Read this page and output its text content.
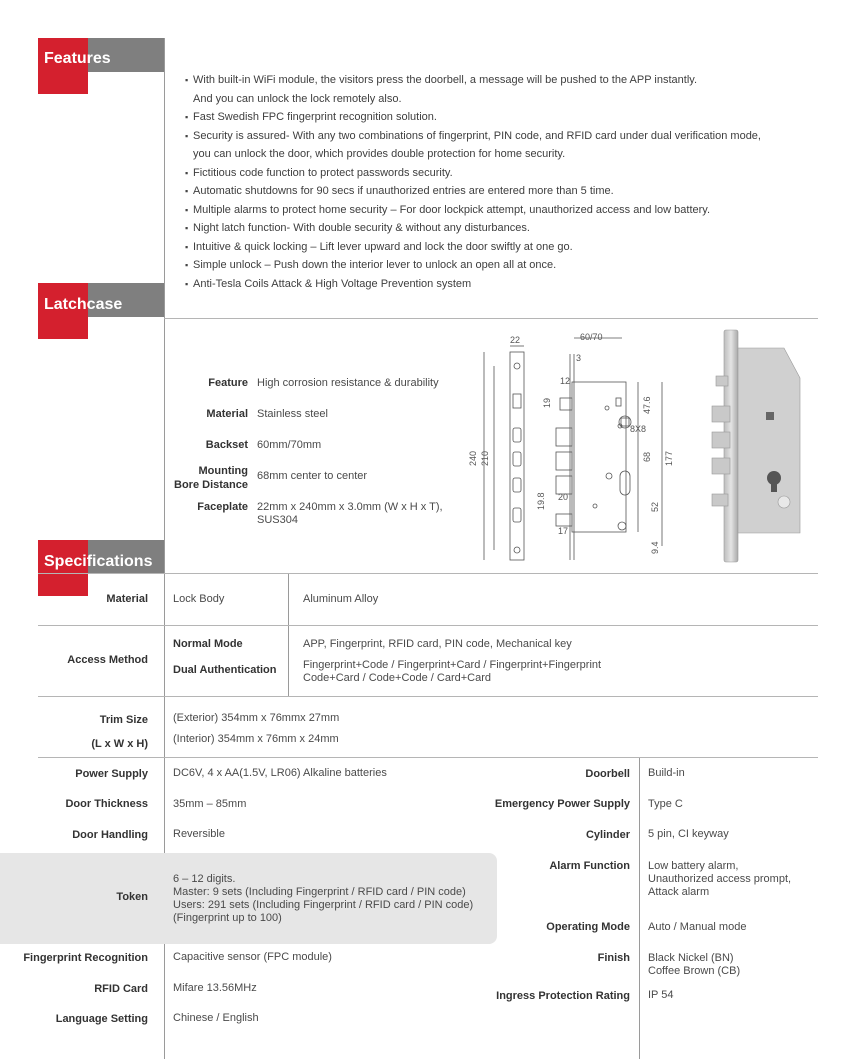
Features
▪ With built-in WiFi module, the visitors press the doorbell, a message will be pushed to the APP instantly.
And you can unlock the lock remotely also.
▪ Fast Swedish FPC fingerprint recognition solution.
▪ Security is assured- With any two combinations of fingerprint, PIN code, and RFID card under dual verification mode,
you can unlock the door, which provides double protection for home security.
▪ Fictitious code function to protect passwords security.
▪ Automatic shutdowns for 90 secs if unauthorized entries are entered more than 5 time.
▪ Multiple alarms to protect home security – For door lockpick attempt, unauthorized access and low battery.
▪ Night latch function- With double security & without any disturbances.
▪ Intuitive & quick locking – Lift lever upward and lock the door swiftly at one go.
▪ Simple unlock – Push down the interior lever to unlock an open all at once.
▪ Anti-Tesla Coils Attack & High Voltage Prevention system
Latchcase
Feature High corrosion resistance & durability
Material Stainless steel
Backset 60mm/70mm
Mounting
Bore Distance
68mm center to center
Faceplate 22mm x 240mm x 3.0mm (W x H x T),
SUS304
22
240 210
60/70
3
12
19	47.6
8X8
68 177
19.8 20
52
17
9.4
Specifications
Material Lock Body	Aluminum Alloy
Access Method
Normal Mode	APP, Fingerprint, RFID card, PIN code, Mechanical key
Dual Authentication Fingerprint+Code / Fingerprint+Card / Fingerprint+Fingerprint
Code+Card / Code+Code / Card+Card
Trim Size
(L x W x H)
(Exterior) 354mm x 76mmx 27mm
(Interior) 354mm x 76mm x 24mm
Power Supply DC6V, 4 x AA(1.5V, LR06) Alkaline batteries
Door Thickness 35mm – 85mm
Door Handling Reversible
Token
6 – 12 digits.
Master: 9 sets (Including Fingerprint / RFID card / PIN code)
Users: 291 sets (Including Fingerprint / RFID card / PIN code)
(Fingerprint up to 100)
Fingerprint Recognition Capacitive sensor (FPC module)
RFID Card Mifare 13.56MHz
Language Setting Chinese / English
Doorbell Build-in
Emergency Power Supply Type C
Cylinder 5 pin, CI keyway
Alarm Function Low battery alarm,
Unauthorized access prompt,
Attack alarm
Operating Mode Auto / Manual mode
Finish Black Nickel (BN)
Coffee Brown (CB)
Ingress Protection Rating IP 54
